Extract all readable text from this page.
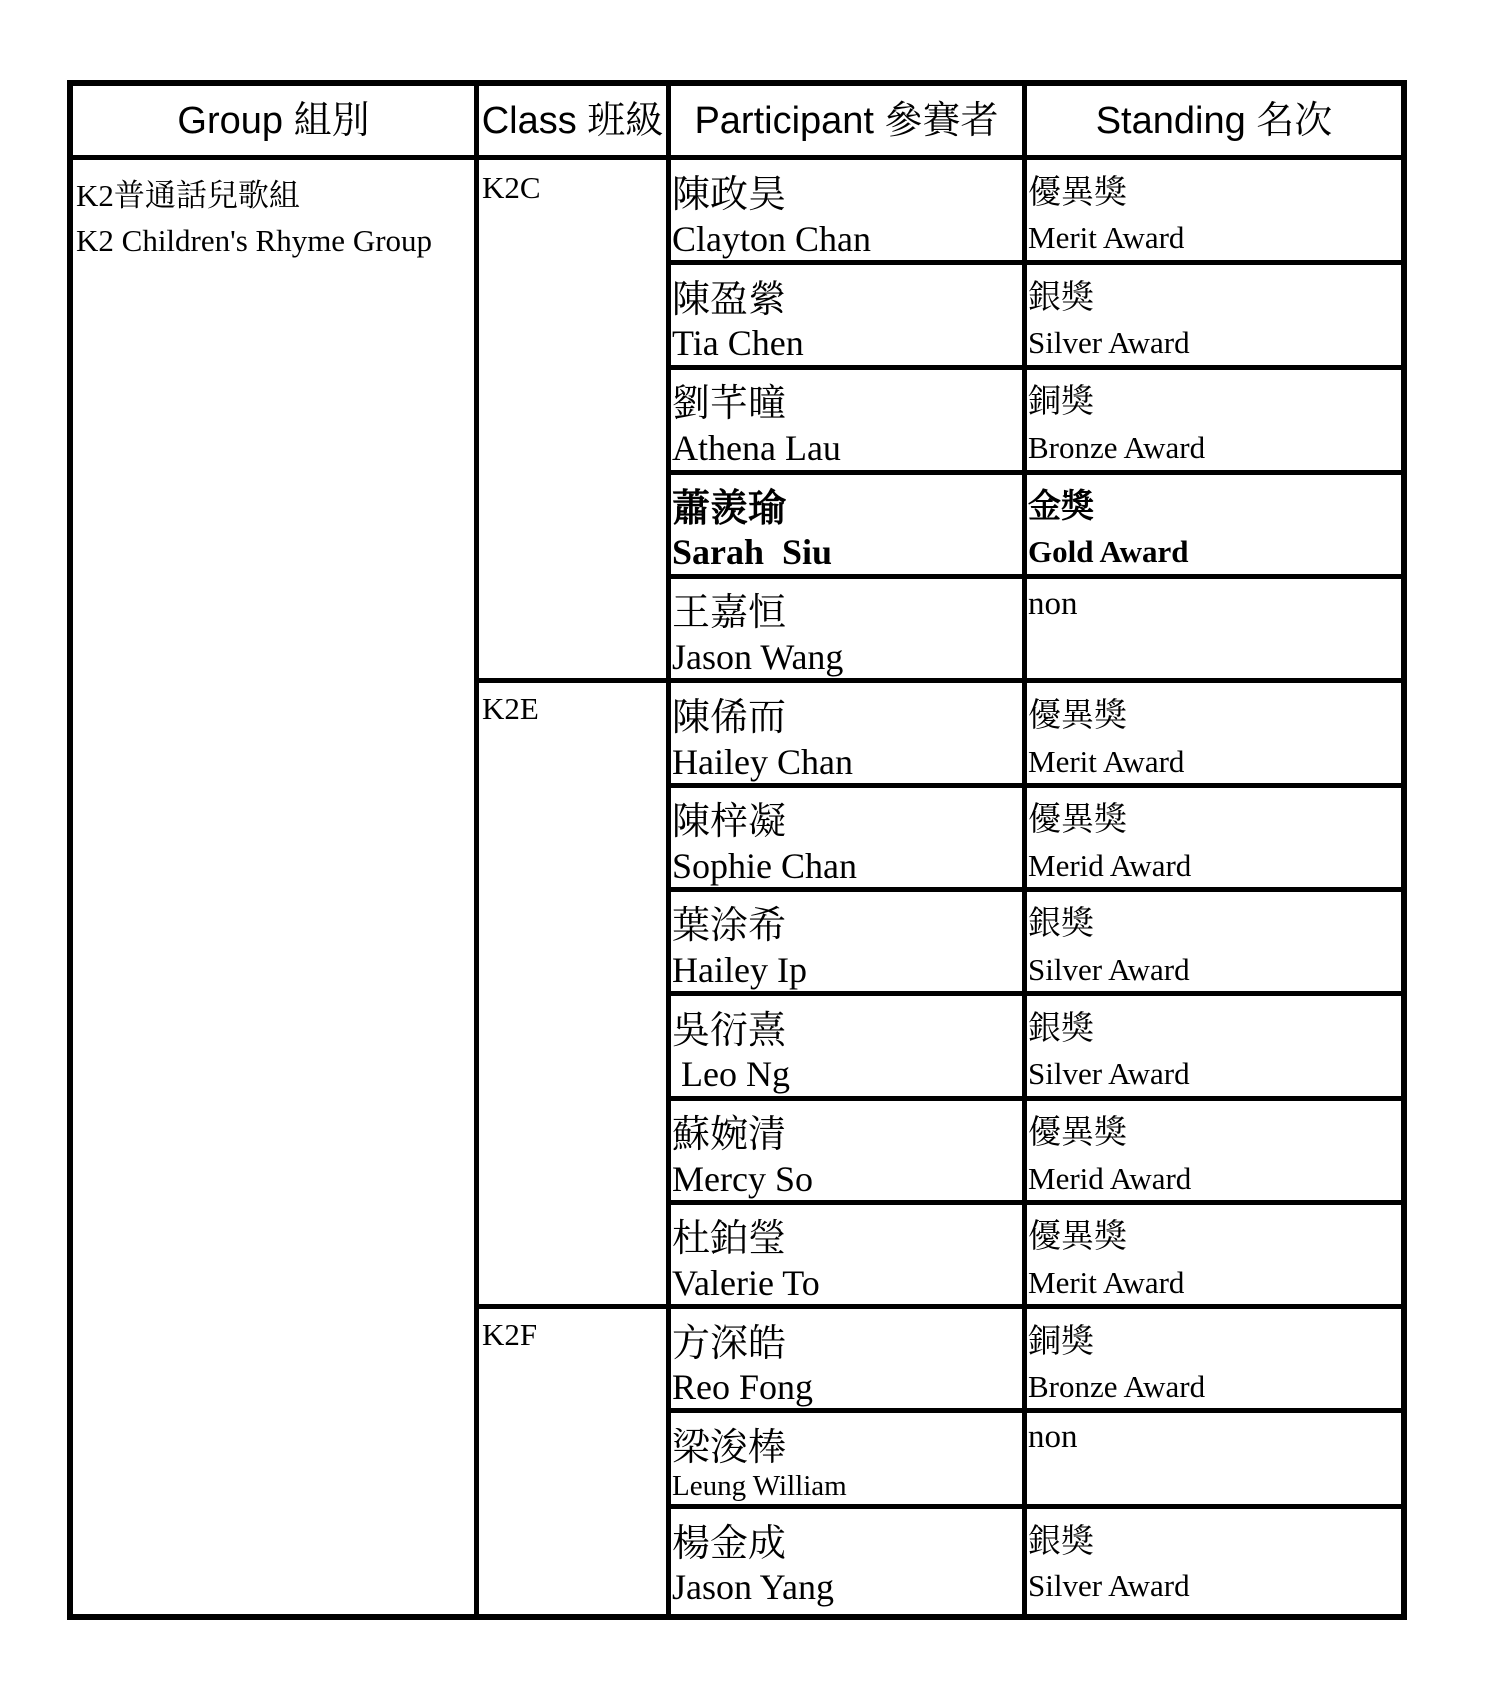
Group 組別	Class 班級 Participant 參賽者	Standing 名次
K2普通話兒歌組
K2 Children's Rhyme Group
K2C
K2E
K2F
陳政昊
Clayton Chan
優異獎
Merit Award
陳盈縈
Tia Chen
銀獎
Silver Award
劉芊曈
Athena Lau
銅獎
Bronze Award
蕭羨瑜
Sarah  Siu
金獎
Gold Award
王嘉恒
Jason Wang
non
陳俙而
Hailey Chan
優異獎
Merit Award
陳梓凝
Sophie Chan
優異獎
Merid Award
葉涂希
Hailey Ip
銀獎
Silver Award
吳衍熹
Leo Ng
銀獎
Silver Award
蘇婉清
Mercy So
優異獎
Merid Award
杜鉑瑩
Valerie To
優異獎
Merit Award
方深皓
Reo Fong
銅獎
Bronze Award
梁浚棒
Leung William
non
楊金成
Jason Yang
銀獎
Silver Award
